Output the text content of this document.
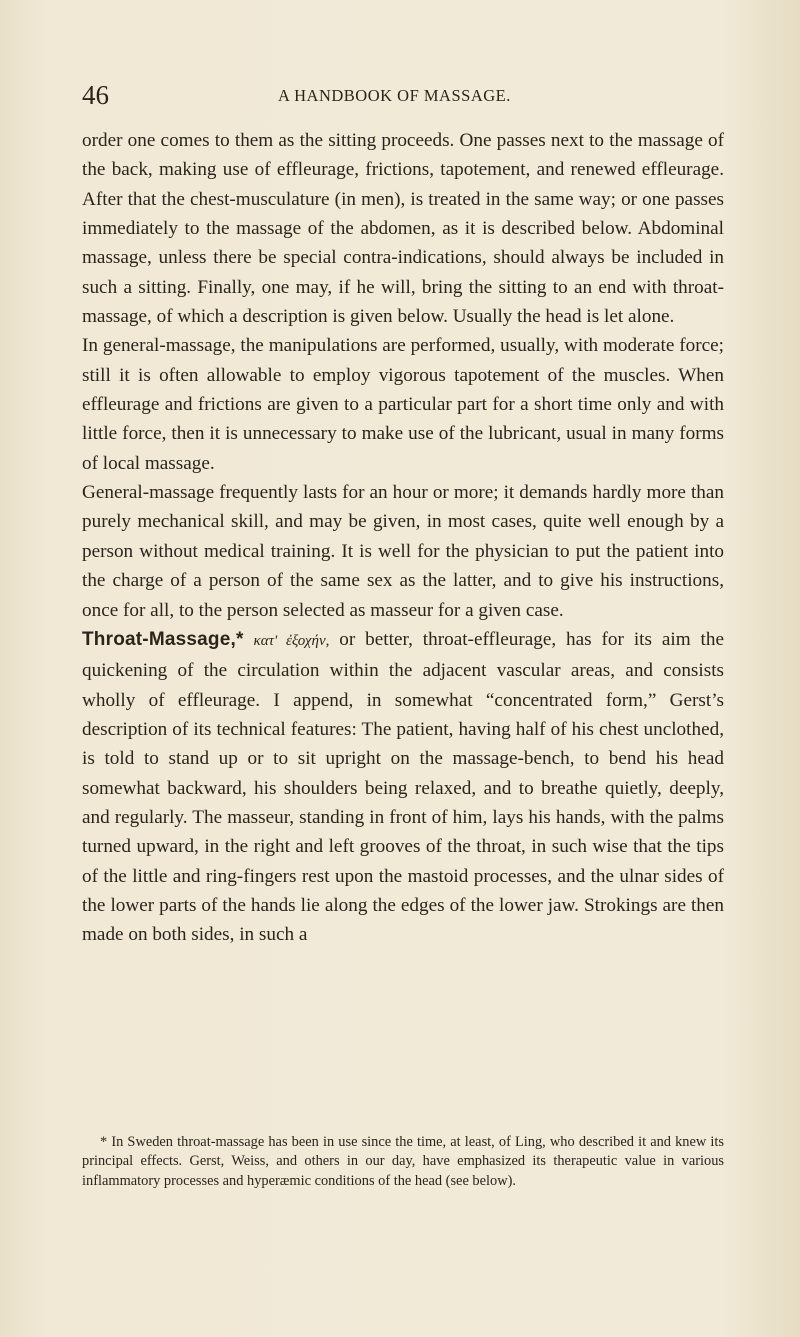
46	A HANDBOOK OF MASSAGE.

order one comes to them as the sitting proceeds. One passes next to the massage of the back, making use of effleurage, frictions, tapotement, and renewed effleurage. After that the chest-musculature (in men), is treated in the same way; or one passes immediately to the massage of the abdomen, as it is described below. Abdominal massage, unless there be special contra-indications, should always be included in such a sitting. Finally, one may, if he will, bring the sitting to an end with throat-massage, of which a description is given below. Usually the head is let alone.

In general-massage, the manipulations are performed, usually, with moderate force; still it is often allowable to employ vigorous tapotement of the muscles. When effleurage and frictions are given to a particular part for a short time only and with little force, then it is unnecessary to make use of the lubricant, usual in many forms of local massage.

General-massage frequently lasts for an hour or more; it demands hardly more than purely mechanical skill, and may be given, in most cases, quite well enough by a person without medical training. It is well for the physician to put the patient into the charge of a person of the same sex as the latter, and to give his instructions, once for all, to the person selected as masseur for a given case.

Throat-Massage,* κατ' ἐξοχήν, or better, throat-effleurage, has for its aim the quickening of the circulation within the adjacent vascular areas, and consists wholly of effleurage. I append, in somewhat “concentrated form,” Gerst’s description of its technical features: The patient, having half of his chest unclothed, is told to stand up or to sit upright on the massage-bench, to bend his head somewhat backward, his shoulders being relaxed, and to breathe quietly, deeply, and regularly. The masseur, standing in front of him, lays his hands, with the palms turned upward, in the right and left grooves of the throat, in such wise that the tips of the little and ring-fingers rest upon the mastoid processes, and the ulnar sides of the lower parts of the hands lie along the edges of the lower jaw. Strokings are then made on both sides, in such a

* In Sweden throat-massage has been in use since the time, at least, of Ling, who described it and knew its principal effects. Gerst, Weiss, and others in our day, have emphasized its therapeutic value in various inflammatory processes and hyperæmic conditions of the head (see below).
